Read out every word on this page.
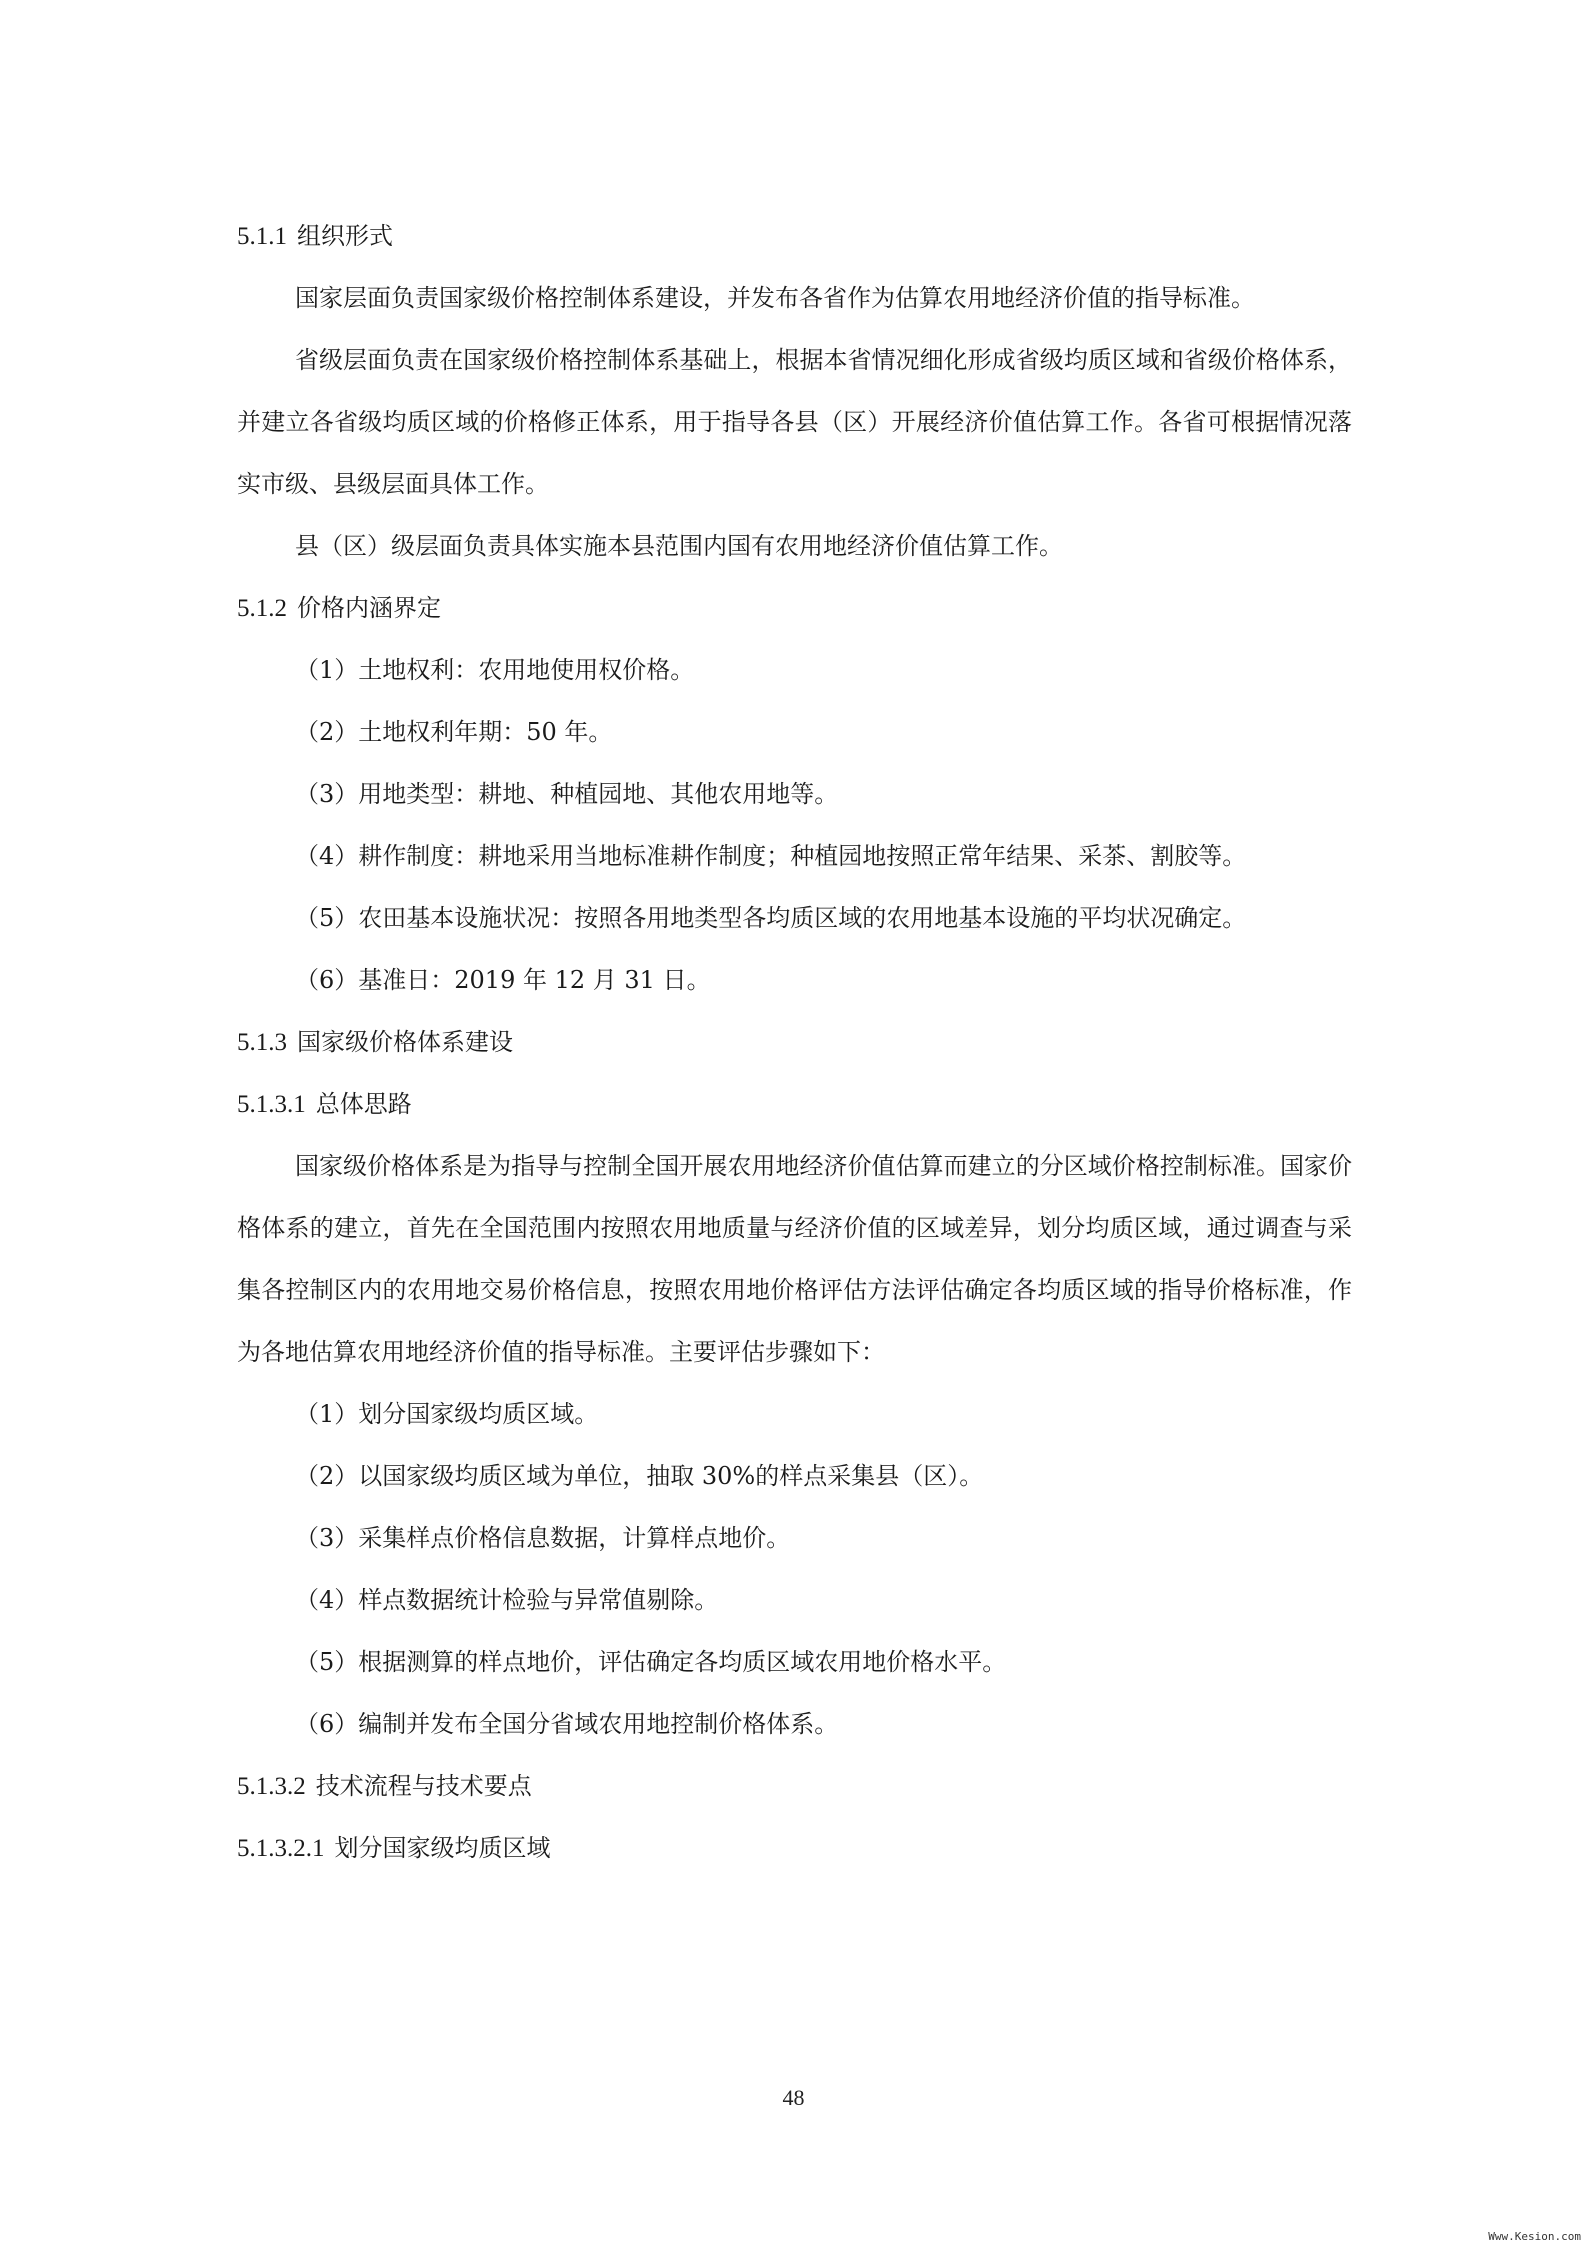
5.1.1 组织形式

国家层面负责国家级价格控制体系建设，并发布各省作为估算农用地经济价值的指导标准。

省级层面负责在国家级价格控制体系基础上，根据本省情况细化形成省级均质区域和省级价格体系，并建立各省级均质区域的价格修正体系，用于指导各县（区）开展经济价值估算工作。各省可根据情况落实市级、县级层面具体工作。

县（区）级层面负责具体实施本县范围内国有农用地经济价值估算工作。

5.1.2 价格内涵界定

（1）土地权利：农用地使用权价格。

（2）土地权利年期：50 年。

（3）用地类型：耕地、种植园地、其他农用地等。

（4）耕作制度：耕地采用当地标准耕作制度；种植园地按照正常年结果、采茶、割胶等。

（5）农田基本设施状况：按照各用地类型各均质区域的农用地基本设施的平均状况确定。

（6）基准日：2019 年 12 月 31 日。

5.1.3 国家级价格体系建设
5.1.3.1 总体思路

国家级价格体系是为指导与控制全国开展农用地经济价值估算而建立的分区域价格控制标准。国家价格体系的建立，首先在全国范围内按照农用地质量与经济价值的区域差异，划分均质区域，通过调查与采集各控制区内的农用地交易价格信息，按照农用地价格评估方法评估确定各均质区域的指导价格标准，作为各地估算农用地经济价值的指导标准。主要评估步骤如下：

（1）划分国家级均质区域。

（2）以国家级均质区域为单位，抽取 30%的样点采集县（区）。

（3）采集样点价格信息数据，计算样点地价。

（4）样点数据统计检验与异常值剔除。

（5）根据测算的样点地价，评估确定各均质区域农用地价格水平。

（6）编制并发布全国分省域农用地控制价格体系。

5.1.3.2 技术流程与技术要点
5.1.3.2.1 划分国家级均质区域
48
Www.Kesion.com
